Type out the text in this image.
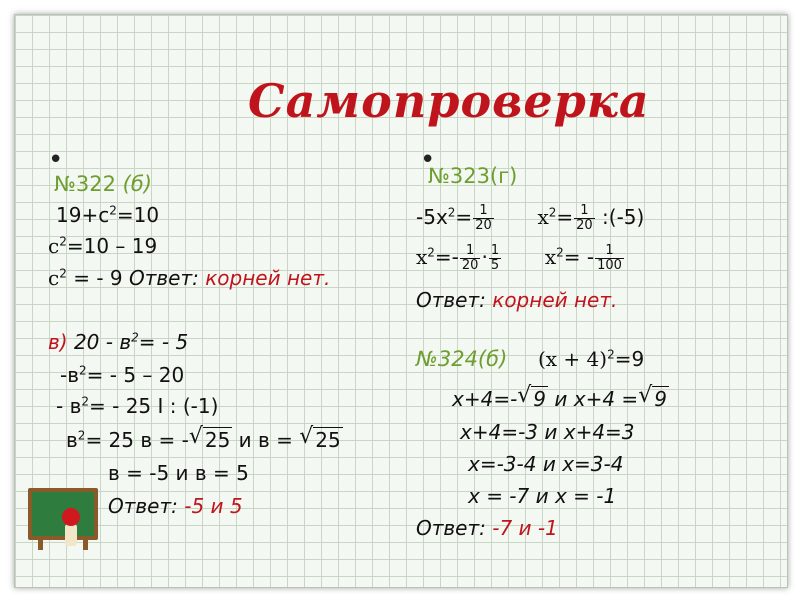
Самопроверка
•
№322 (б)
$19+с^2=10$
$с^2=10 - 19$
$с^2$ = - 9 Ответ: корней нет.
в) $20 - в^2= - 5$
$-в^2= - 5 - 20$
- $в^2= - 25$ I : (-1)
$в^2= 25$ в = - √ 25 и в = √ 25
в = -5 и в = 5
Ответ: -5 и 5
•
№323(г)
$-5x^2= \frac{1}{20} x^2= \frac{1}{20}$ :(-5)
$x^2=- \frac{1}{20} \cdot \frac{1}{5} x^2= - \frac{1}{100}$
Ответ: корней нет.
№324(б) $(x + 4)^2=9$
x+4=- √ 9 и x+4 = √ 9
x+4=-3 и x+4=3
x=-3-4 и x=3-4
x = -7 и x = -1
Ответ: -7 и -1
